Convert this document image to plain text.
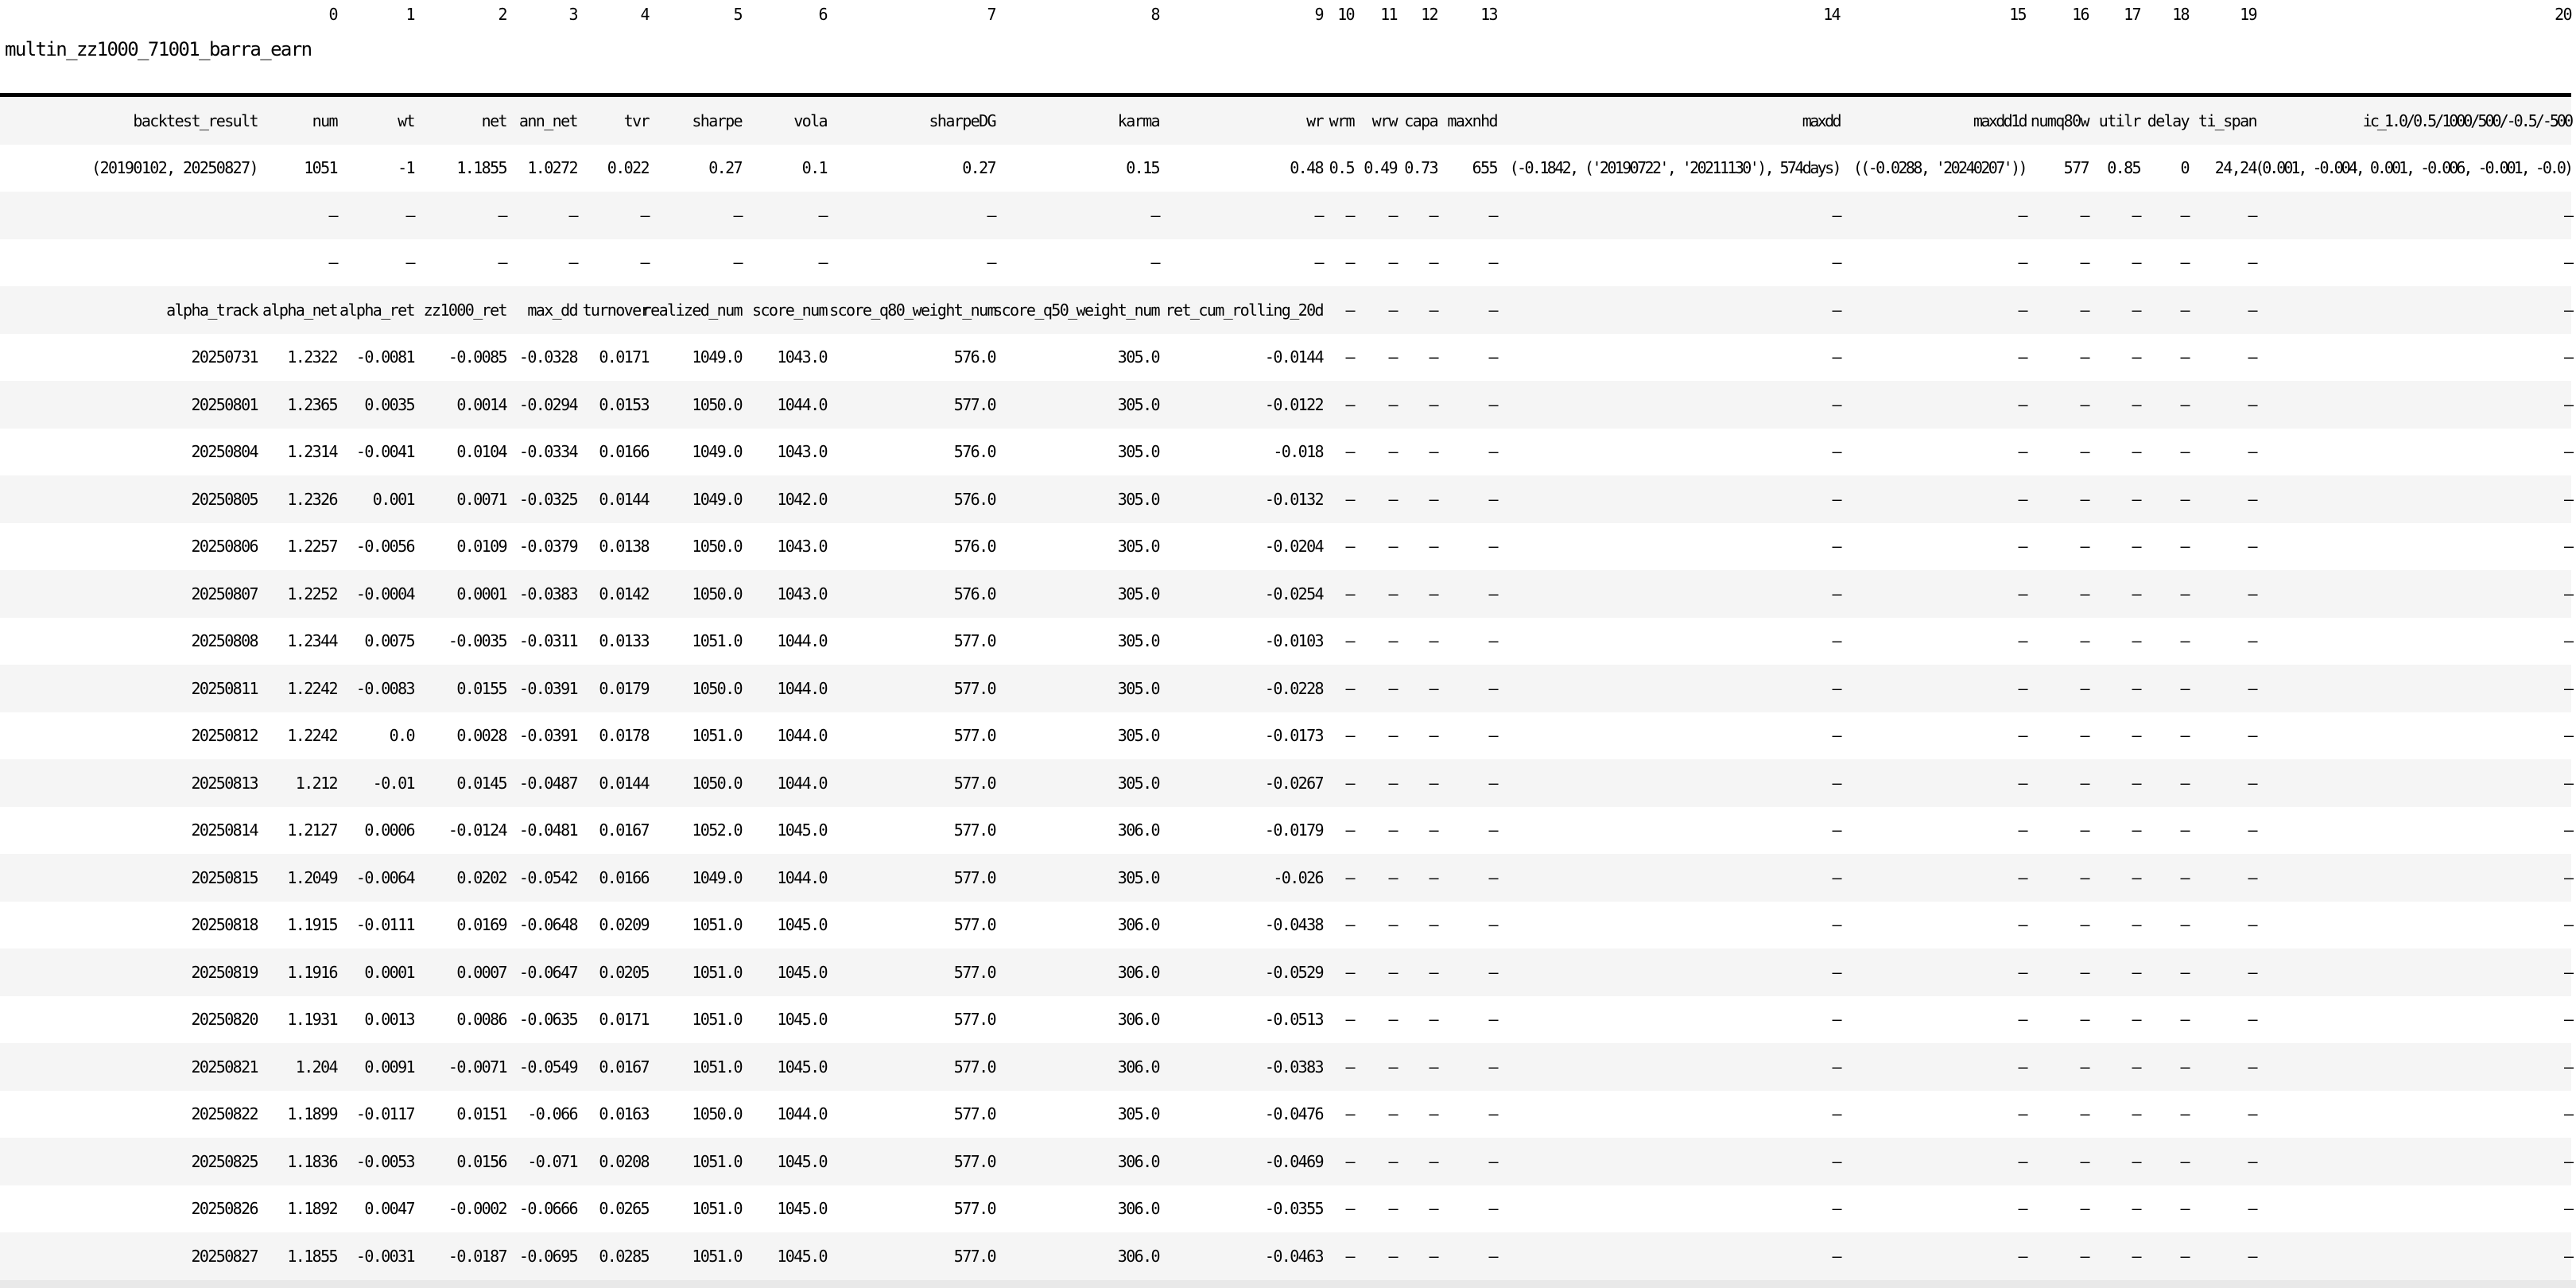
0	1	2	3	4	5	6	7	8	9	10	11	12	13	14	15	16	17	18	19	20
multin_zz1000_71001_barra_earn
backtest_result	num	wt	net	ann_net	tvr	sharpe	vola	sharpeDG	karma	wr	wrm	wrw	capa	maxnhd	maxdd	maxdd1d	numq80w	utilr	delay	ti_span	ic_1.0/0.5/1000/500/-0.5/-500

(20190102, 20250827)	1051	-1	1.1855	1.0272	0.022	0.27	0.1	0.27	0.15	0.48	0.5	0.49	0.73	655	(-0.1842, ('20190722', '20211130'), 574days)	((-0.0288, '20240207'))	577	0.85	0	24,24	(0.001, -0.004, 0.001, -0.006, -0.001, -0.0)

	—	—	—	—	—	—	—	—	—	—	—	—	—	—	—	—	—	—	—	—	—

	—	—	—	—	—	—	—	—	—	—	—	—	—	—	—	—	—	—	—	—	—

alpha_track	alpha_net	alpha_ret	zz1000_ret	max_dd	turnover	realized_num	score_num	score_q80_weight_num	score_q50_weight_num	ret_cum_rolling_20d	—	—	—	—	—	—	—	—	—	—	—

20250731	1.2322	-0.0081	-0.0085	-0.0328	0.0171	1049.0	1043.0	576.0	305.0	-0.0144	—	—	—	—	—	—	—	—	—	—	—

20250801	1.2365	0.0035	0.0014	-0.0294	0.0153	1050.0	1044.0	577.0	305.0	-0.0122	—	—	—	—	—	—	—	—	—	—	—

20250804	1.2314	-0.0041	0.0104	-0.0334	0.0166	1049.0	1043.0	576.0	305.0	-0.018	—	—	—	—	—	—	—	—	—	—	—

20250805	1.2326	0.001	0.0071	-0.0325	0.0144	1049.0	1042.0	576.0	305.0	-0.0132	—	—	—	—	—	—	—	—	—	—	—

20250806	1.2257	-0.0056	0.0109	-0.0379	0.0138	1050.0	1043.0	576.0	305.0	-0.0204	—	—	—	—	—	—	—	—	—	—	—

20250807	1.2252	-0.0004	0.0001	-0.0383	0.0142	1050.0	1043.0	576.0	305.0	-0.0254	—	—	—	—	—	—	—	—	—	—	—

20250808	1.2344	0.0075	-0.0035	-0.0311	0.0133	1051.0	1044.0	577.0	305.0	-0.0103	—	—	—	—	—	—	—	—	—	—	—

20250811	1.2242	-0.0083	0.0155	-0.0391	0.0179	1050.0	1044.0	577.0	305.0	-0.0228	—	—	—	—	—	—	—	—	—	—	—

20250812	1.2242	0.0	0.0028	-0.0391	0.0178	1051.0	1044.0	577.0	305.0	-0.0173	—	—	—	—	—	—	—	—	—	—	—

20250813	1.212	-0.01	0.0145	-0.0487	0.0144	1050.0	1044.0	577.0	305.0	-0.0267	—	—	—	—	—	—	—	—	—	—	—

20250814	1.2127	0.0006	-0.0124	-0.0481	0.0167	1052.0	1045.0	577.0	306.0	-0.0179	—	—	—	—	—	—	—	—	—	—	—

20250815	1.2049	-0.0064	0.0202	-0.0542	0.0166	1049.0	1044.0	577.0	305.0	-0.026	—	—	—	—	—	—	—	—	—	—	—

20250818	1.1915	-0.0111	0.0169	-0.0648	0.0209	1051.0	1045.0	577.0	306.0	-0.0438	—	—	—	—	—	—	—	—	—	—	—

20250819	1.1916	0.0001	0.0007	-0.0647	0.0205	1051.0	1045.0	577.0	306.0	-0.0529	—	—	—	—	—	—	—	—	—	—	—

20250820	1.1931	0.0013	0.0086	-0.0635	0.0171	1051.0	1045.0	577.0	306.0	-0.0513	—	—	—	—	—	—	—	—	—	—	—

20250821	1.204	0.0091	-0.0071	-0.0549	0.0167	1051.0	1045.0	577.0	306.0	-0.0383	—	—	—	—	—	—	—	—	—	—	—

20250822	1.1899	-0.0117	0.0151	-0.066	0.0163	1050.0	1044.0	577.0	305.0	-0.0476	—	—	—	—	—	—	—	—	—	—	—

20250825	1.1836	-0.0053	0.0156	-0.071	0.0208	1051.0	1045.0	577.0	306.0	-0.0469	—	—	—	—	—	—	—	—	—	—	—

20250826	1.1892	0.0047	-0.0002	-0.0666	0.0265	1051.0	1045.0	577.0	306.0	-0.0355	—	—	—	—	—	—	—	—	—	—	—

20250827	1.1855	-0.0031	-0.0187	-0.0695	0.0285	1051.0	1045.0	577.0	306.0	-0.0463	—	—	—	—	—	—	—	—	—	—	—
